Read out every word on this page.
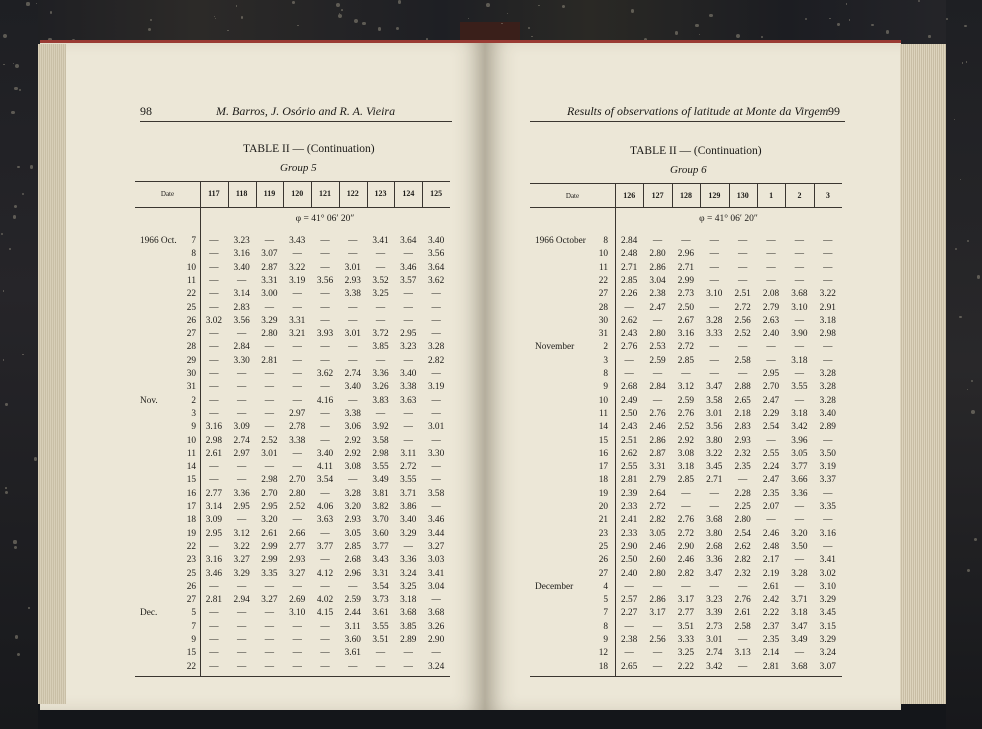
98	M. Barros, J. Osório and R. A. Vieira
TABLE II — (Continuation)
Group 5
Results of observations of latitude at Monte da Virgem 99
TABLE II — (Continuation)
Group 6
Date	117	118	119	120	121	122	123	124	125
φ = 41° 06′ 20″
1966 Oct.	7	—	3.23	—	3.43	—	—	3.41	3.64	3.40
8	—	3.16	3.07	—	—	—	—	—	3.56
10	—	3.40	2.87	3.22	—	3.01	—	3.46	3.64
11	—	—	3.31	3.19	3.56	2.93	3.52	3.57	3.62
22	—	3.14	3.00	—	—	3.38	3.25	—	—
25	—	2.83	—	—	—	—	—	—	—
26	3.02	3.56	3.29	3.31	—	—	—	—	—
27	—	—	2.80	3.21	3.93	3.01	3.72	2.95	—
28	—	2.84	—	—	—	—	3.85	3.23	3.28
29	—	3.30	2.81	—	—	—	—	—	2.82
30	—	—	—	—	3.62	2.74	3.36	3.40	—
31	—	—	—	—	—	3.40	3.26	3.38	3.19
Nov.	2	—	—	—	—	4.16	—	3.83	3.63	—
3	—	—	—	2.97	—	3.38	—	—	—
9	3.16	3.09	—	2.78	—	3.06	3.92	—	3.01
10	2.98	2.74	2.52	3.38	—	2.92	3.58	—	—
11	2.61	2.97	3.01	—	3.40	2.92	2.98	3.11	3.30
14	—	—	—	—	4.11	3.08	3.55	2.72	—
15	—	—	2.98	2.70	3.54	—	3.49	3.55	—
16	2.77	3.36	2.70	2.80	—	3.28	3.81	3.71	3.58
17	3.14	2.95	2.95	2.52	4.06	3.20	3.82	3.86	—
18	3.09	—	3.20	—	3.63	2.93	3.70	3.40	3.46
19	2.95	3.12	2.61	2.66	—	3.05	3.60	3.29	3.44
22	—	3.22	2.99	2.77	3.77	2.85	3.77	—	3.27
23	3.16	3.27	2.99	2.93	—	2.68	3.43	3.36	3.03
25	3.46	3.29	3.35	3.27	4.12	2.96	3.31	3.24	3.41
26	—	—	—	—	—	—	3.54	3.25	3.04
27	2.81	2.94	3.27	2.69	4.02	2.59	3.73	3.18	—
Dec.	5	—	—	—	3.10	4.15	2.44	3.61	3.68	3.68
7	—	—	—	—	—	3.11	3.55	3.85	3.26
9	—	—	—	—	—	3.60	3.51	2.89	2.90
15	—	—	—	—	—	3.61	—	—	—
22	—	—	—	—	—	—	—	—	3.24
Date	126	127	128	129	130	1	2	3
φ = 41° 06′ 20″
1966 October	8	2.84	—	—	—	—	—	—	—
10	2.48	2.80	2.96	—	—	—	—	—
11	2.71	2.86	2.71	—	—	—	—	—
22	2.85	3.04	2.99	—	—	—	—	—
27	2.26	2.38	2.73	3.10	2.51	2.08	3.68	3.22
28	—	2.47	2.50	—	2.72	2.79	3.10	2.91
30	2.62	—	2.67	3.28	2.56	2.63	—	3.18
31	2.43	2.80	3.16	3.33	2.52	2.40	3.90	2.98
November	2	2.76	2.53	2.72	—	—	—	—	—
3	—	2.59	2.85	—	2.58	—	3.18	—
8	—	—	—	—	—	2.95	—	3.28
9	2.68	2.84	3.12	3.47	2.88	2.70	3.55	3.28
10	2.49	—	2.59	3.58	2.65	2.47	—	3.28
11	2.50	2.76	2.76	3.01	2.18	2.29	3.18	3.40
14	2.43	2.46	2.52	3.56	2.83	2.54	3.42	2.89
15	2.51	2.86	2.92	3.80	2.93	—	3.96	—
16	2.62	2.87	3.08	3.22	2.32	2.55	3.05	3.50
17	2.55	3.31	3.18	3.45	2.35	2.24	3.77	3.19
18	2.81	2.79	2.85	2.71	—	2.47	3.66	3.37
19	2.39	2.64	—	—	2.28	2.35	3.36	—
20	2.33	2.72	—	—	2.25	2.07	—	3.35
21	2.41	2.82	2.76	3.68	2.80	—	—	—
23	2.33	3.05	2.72	3.80	2.54	2.46	3.20	3.16
25	2.90	2.46	2.90	2.68	2.62	2.48	3.50	—
26	2.50	2.60	2.46	3.36	2.82	2.17	—	3.41
27	2.40	2.80	2.82	3.47	2.32	2.19	3.28	3.02
December	4	—	—	—	—	—	2.61	—	3.10
5	2.57	2.86	3.17	3.23	2.76	2.42	3.71	3.29
7	2.27	3.17	2.77	3.39	2.61	2.22	3.18	3.45
8	—	—	3.51	2.73	2.58	2.37	3.47	3.15
9	2.38	2.56	3.33	3.01	—	2.35	3.49	3.29
12	—	—	3.25	2.74	3.13	2.14	—	3.24
18	2.65	—	2.22	3.42	—	2.81	3.68	3.07
